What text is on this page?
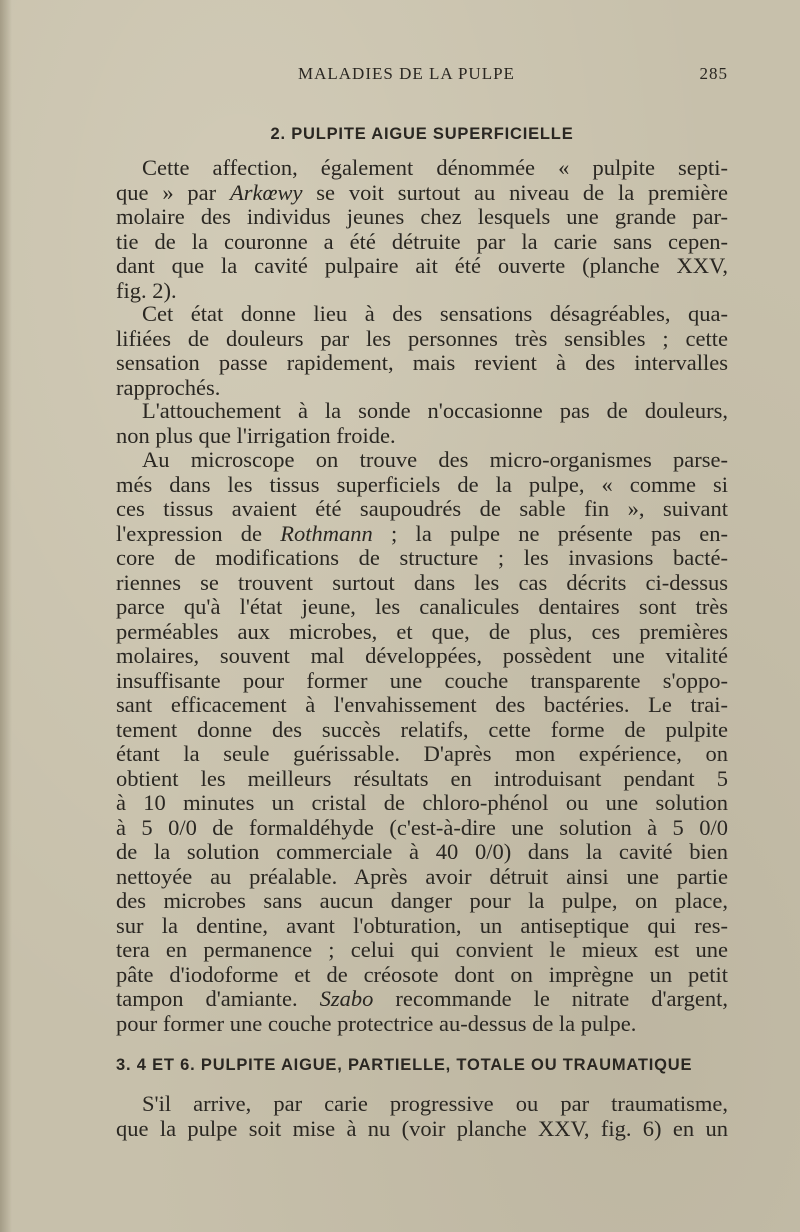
MALADIES DE LA PULPE	285
2. PULPITE AIGUE SUPERFICIELLE

Cette affection, également dénommée « pulpite septi-
que » par Arkœwy se voit surtout au niveau de la première
molaire des individus jeunes chez lesquels une grande par-
tie de la couronne a été détruite par la carie sans cepen-
dant que la cavité pulpaire ait été ouverte (planche XXV,
fig. 2).

Cet état donne lieu à des sensations désagréables, qua-
lifiées de douleurs par les personnes très sensibles ; cette
sensation passe rapidement, mais revient à des intervalles
rapprochés.

L'attouchement à la sonde n'occasionne pas de douleurs,
non plus que l'irrigation froide.

Au microscope on trouve des micro-organismes parse-
més dans les tissus superficiels de la pulpe, « comme si
ces tissus avaient été saupoudrés de sable fin », suivant
l'expression de Rothmann ; la pulpe ne présente pas en-
core de modifications de structure ; les invasions bacté-
riennes se trouvent surtout dans les cas décrits ci-dessus
parce qu'à l'état jeune, les canalicules dentaires sont très
perméables aux microbes, et que, de plus, ces premières
molaires, souvent mal développées, possèdent une vitalité
insuffisante pour former une couche transparente s'oppo-
sant efficacement à l'envahissement des bactéries. Le trai-
tement donne des succès relatifs, cette forme de pulpite
étant la seule guérissable. D'après mon expérience, on
obtient les meilleurs résultats en introduisant pendant 5
à 10 minutes un cristal de chloro-phénol ou une solution
à 5 0/0 de formaldéhyde (c'est-à-dire une solution à 5 0/0
de la solution commerciale à 40 0/0) dans la cavité bien
nettoyée au préalable. Après avoir détruit ainsi une partie
des microbes sans aucun danger pour la pulpe, on place,
sur la dentine, avant l'obturation, un antiseptique qui res-
tera en permanence ; celui qui convient le mieux est une
pâte d'iodoforme et de créosote dont on imprègne un petit
tampon d'amiante. Szabo recommande le nitrate d'argent,
pour former une couche protectrice au-dessus de la pulpe.

3. 4 ET 6. PULPITE AIGUE, PARTIELLE, TOTALE OU TRAUMATIQUE

S'il arrive, par carie progressive ou par traumatisme,
que la pulpe soit mise à nu (voir planche XXV, fig. 6) en un
